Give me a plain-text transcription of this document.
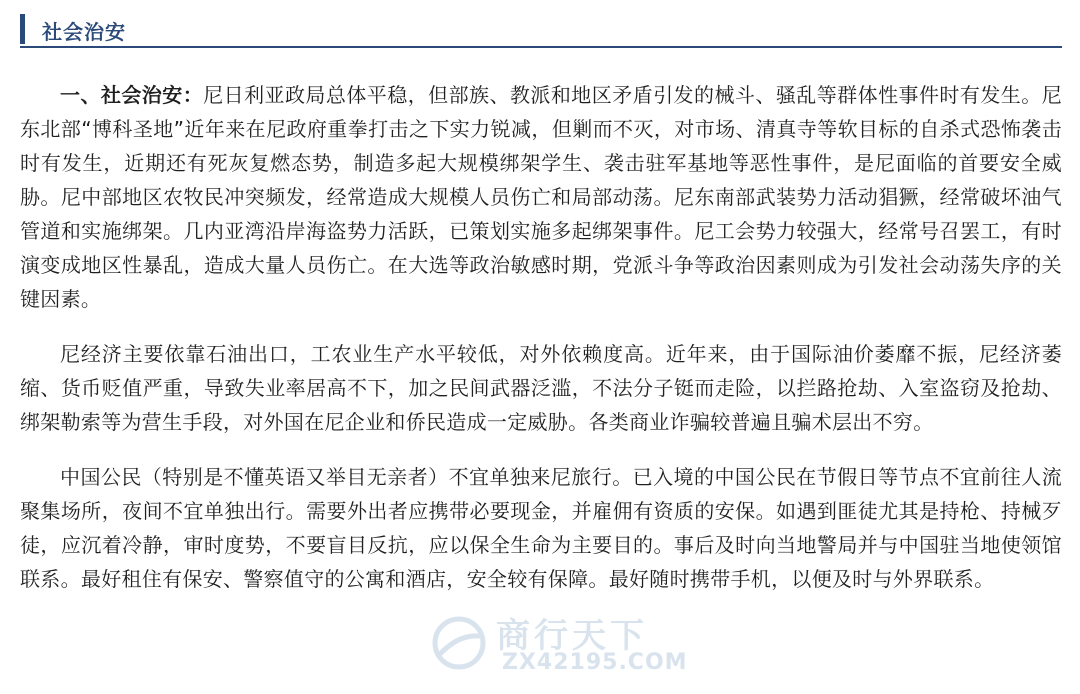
社会治安

一、社会治安：尼日利亚政局总体平稳，但部族、教派和地区矛盾引发的械斗、骚乱等群体性事件时有发生。尼东北部“博科圣地”近年来在尼政府重拳打击之下实力锐减，但剿而不灭，对市场、清真寺等软目标的自杀式恐怖袭击时有发生，近期还有死灰复燃态势，制造多起大规模绑架学生、袭击驻军基地等恶性事件，是尼面临的首要安全威胁。尼中部地区农牧民冲突频发，经常造成大规模人员伤亡和局部动荡。尼东南部武装势力活动猖獗，经常破坏油气管道和实施绑架。几内亚湾沿岸海盗势力活跃，已策划实施多起绑架事件。尼工会势力较强大，经常号召罢工，有时演变成地区性暴乱，造成大量人员伤亡。在大选等政治敏感时期，党派斗争等政治因素则成为引发社会动荡失序的关键因素。

尼经济主要依靠石油出口，工农业生产水平较低，对外依赖度高。近年来，由于国际油价萎靡不振，尼经济萎缩、货币贬值严重，导致失业率居高不下，加之民间武器泛滥，不法分子铤而走险，以拦路抢劫、入室盗窃及抢劫、绑架勒索等为营生手段，对外国在尼企业和侨民造成一定威胁。各类商业诈骗较普遍且骗术层出不穷。

中国公民（特别是不懂英语又举目无亲者）不宜单独来尼旅行。已入境的中国公民在节假日等节点不宜前往人流聚集场所，夜间不宜单独出行。需要外出者应携带必要现金，并雇佣有资质的安保。如遇到匪徒尤其是持枪、持械歹徒，应沉着冷静，审时度势，不要盲目反抗，应以保全生命为主要目的。事后及时向当地警局并与中国驻当地使领馆联系。最好租住有保安、警察值守的公寓和酒店，安全较有保障。最好随时携带手机，以便及时与外界联系。

商行天下
ZX42195.COM
